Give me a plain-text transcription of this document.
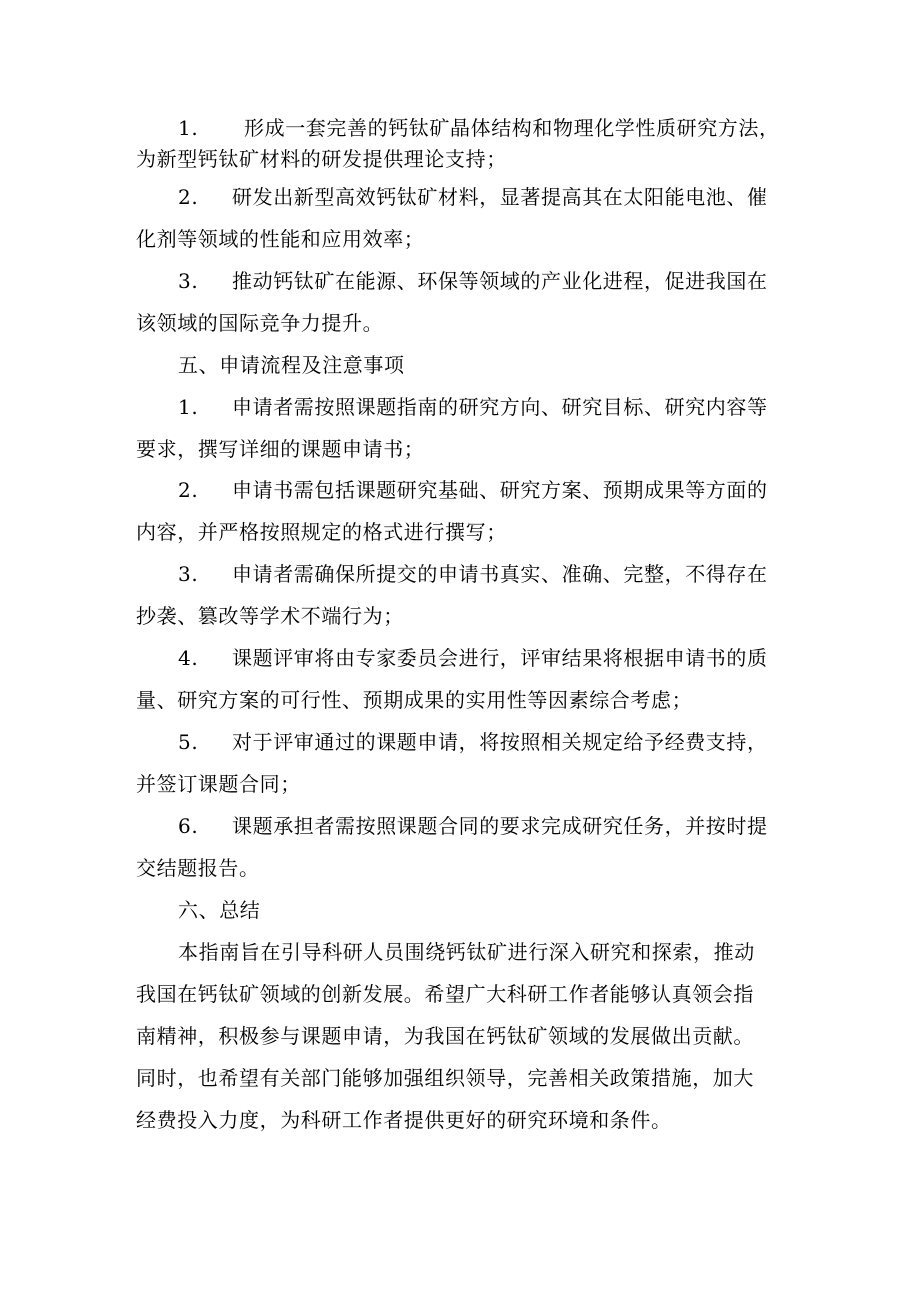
1. 形成一套完善的钙钛矿晶体结构和物理化学性质研究方法，
为新型钙钛矿材料的研发提供理论支持；
2. 研发出新型高效钙钛矿材料，显著提高其在太阳能电池、催
化剂等领域的性能和应用效率；
3. 推动钙钛矿在能源、环保等领域的产业化进程，促进我国在
该领域的国际竞争力提升。
五、申请流程及注意事项
1. 申请者需按照课题指南的研究方向、研究目标、研究内容等
要求，撰写详细的课题申请书；
2. 申请书需包括课题研究基础、研究方案、预期成果等方面的
内容，并严格按照规定的格式进行撰写；
3. 申请者需确保所提交的申请书真实、准确、完整，不得存在
抄袭、篡改等学术不端行为；
4. 课题评审将由专家委员会进行，评审结果将根据申请书的质
量、研究方案的可行性、预期成果的实用性等因素综合考虑；
5. 对于评审通过的课题申请，将按照相关规定给予经费支持，
并签订课题合同；
6. 课题承担者需按照课题合同的要求完成研究任务，并按时提
交结题报告。
六、总结
本指南旨在引导科研人员围绕钙钛矿进行深入研究和探索，推动
我国在钙钛矿领域的创新发展。希望广大科研工作者能够认真领会指
南精神，积极参与课题申请，为我国在钙钛矿领域的发展做出贡献。
同时，也希望有关部门能够加强组织领导，完善相关政策措施，加大
经费投入力度，为科研工作者提供更好的研究环境和条件。
